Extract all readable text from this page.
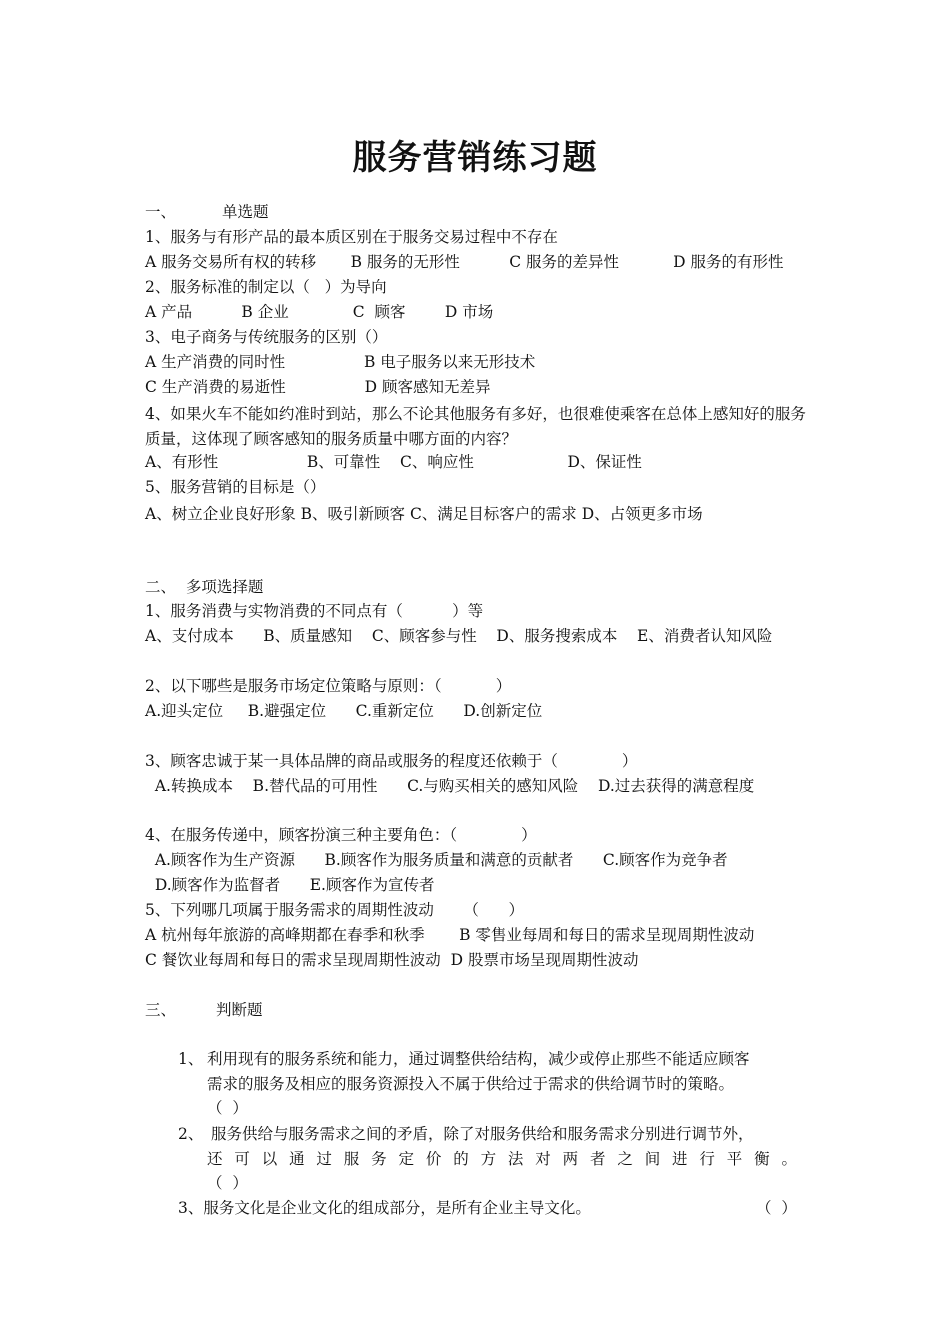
服务营销练习题
一、	单选题
1、服务与有形产品的最本质区别在于服务交易过程中不存在
A 服务交易所有权的转移       B 服务的无形性          C 服务的差异性           D 服务的有形性
2、服务标准的制定以（   ）为导向
A 产品          B 企业             C  顾客        D 市场
3、电子商务与传统服务的区别（）
A 生产消费的同时性                B 电子服务以来无形技术
C 生产消费的易逝性                D 顾客感知无差异
4、如果火车不能如约准时到站，那么不论其他服务有多好，也很难使乘客在总体上感知好的服务质量，这体现了顾客感知的服务质量中哪方面的内容？
A、有形性                  B、可靠性    C、响应性                   D、保证性
5、服务营销的目标是（）
A、树立企业良好形象 B、吸引新顾客 C、满足目标客户的需求 D、占领更多市场
二、  多项选择题
1、服务消费与实物消费的不同点有（          ）等
A、支付成本      B、质量感知    C、顾客参与性    D、服务搜索成本    E、消费者认知风险
2、以下哪些是服务市场定位策略与原则：（           ）
A.迎头定位     B.避强定位      C.重新定位      D.创新定位
3、顾客忠诚于某一具体品牌的商品或服务的程度还依赖于（             ）
A.转换成本    B.替代品的可用性      C.与购买相关的感知风险    D.过去获得的满意程度
4、在服务传递中，顾客扮演三种主要角色：（             ）
A.顾客作为生产资源      B.顾客作为服务质量和满意的贡献者      C.顾客作为竞争者
D.顾客作为监督者      E.顾客作为宣传者
5、下列哪几项属于服务需求的周期性波动      （      ）
A 杭州每年旅游的高峰期都在春季和秋季       B 零售业每周和每日的需求呈现周期性波动
C 餐饮业每周和每日的需求呈现周期性波动  D 股票市场呈现周期性波动
三、	判断题
1、 利用现有的服务系统和能力，通过调整供给结构，减少或停止那些不能适应顾客
需求的服务及相应的服务资源投入不属于供给过于需求的供给调节时的策略。
（  ）
2、 服务供给与服务需求之间的矛盾，除了对服务供给和服务需求分别进行调节外，
还可以通过服务定价的方法对两者之间进行平衡。
（  ）
3、服务文化是企业文化的组成部分，是所有企业主导文化。	（  ）
